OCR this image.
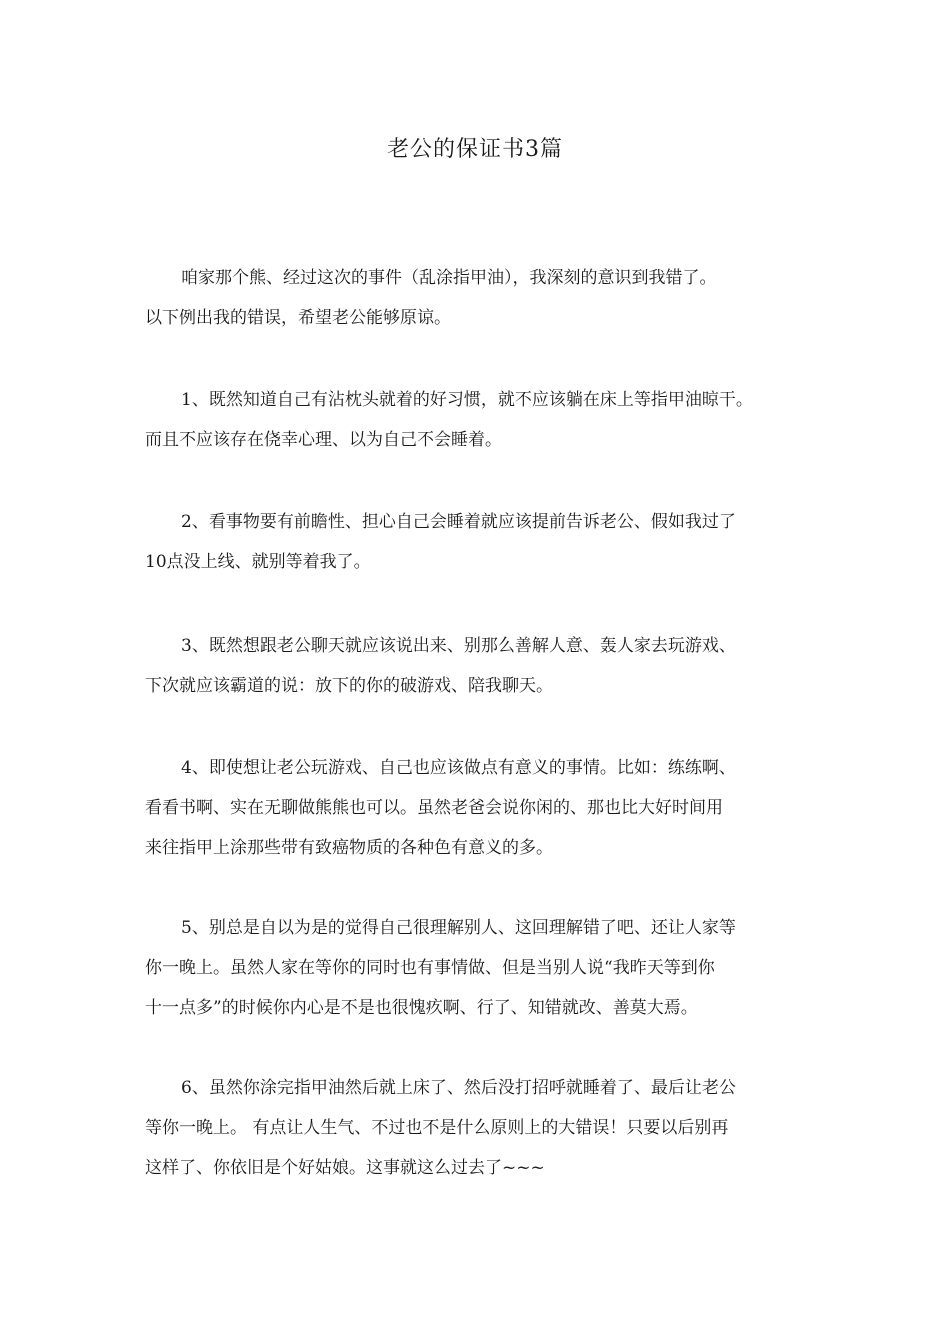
老公的保证书3篇
咱家那个熊、经过这次的事件（乱涂指甲油），我深刻的意识到我错了。
以下例出我的错误，希望老公能够原谅。
1、既然知道自己有沾枕头就着的好习惯，就不应该躺在床上等指甲油晾干。
而且不应该存在侥幸心理、以为自己不会睡着。
2、看事物要有前瞻性、担心自己会睡着就应该提前告诉老公、假如我过了
10点没上线、就别等着我了。
3、既然想跟老公聊天就应该说出来、别那么善解人意、轰人家去玩游戏、
下次就应该霸道的说：放下的你的破游戏、陪我聊天。
4、即使想让老公玩游戏、自己也应该做点有意义的事情。比如：练练啊、
看看书啊、实在无聊做熊熊也可以。虽然老爸会说你闲的、那也比大好时间用
来往指甲上涂那些带有致癌物质的各种色有意义的多。
5、别总是自以为是的觉得自己很理解别人、这回理解错了吧、还让人家等
你一晚上。虽然人家在等你的同时也有事情做、但是当别人说“我昨天等到你
十一点多”的时候你内心是不是也很愧疚啊、行了、知错就改、善莫大焉。
6、虽然你涂完指甲油然后就上床了、然后没打招呼就睡着了、最后让老公
等你一晚上。 有点让人生气、不过也不是什么原则上的大错误！只要以后别再
这样了、你依旧是个好姑娘。这事就这么过去了~~~
